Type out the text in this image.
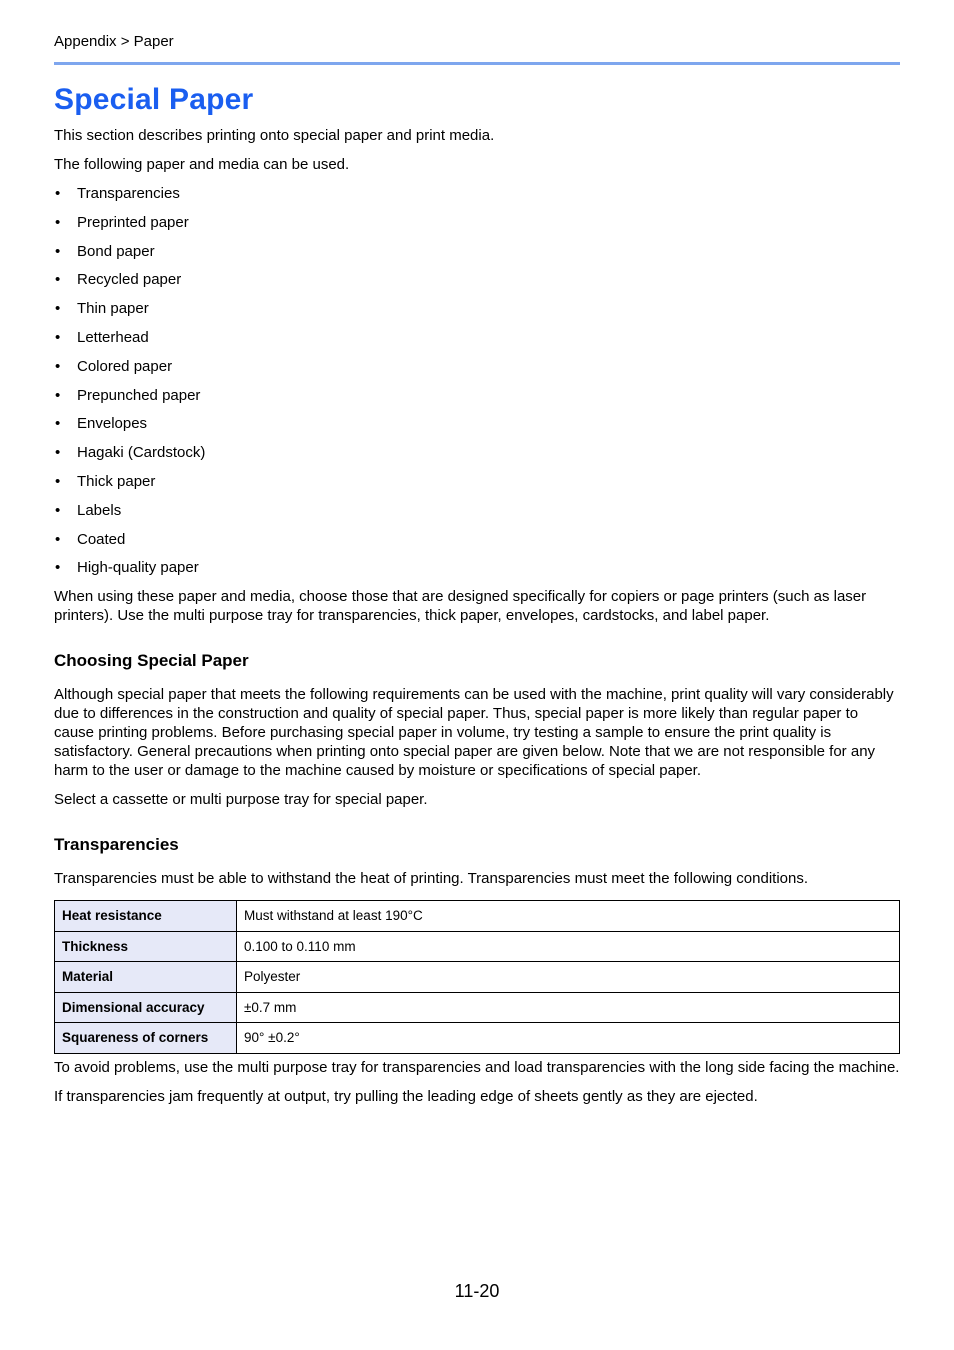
Appendix > Paper
Special Paper

This section describes printing onto special paper and print media.

The following paper and media can be used.

• Transparencies
• Preprinted paper
• Bond paper
• Recycled paper
• Thin paper
• Letterhead
• Colored paper
• Prepunched paper
• Envelopes
• Hagaki (Cardstock)
• Thick paper
• Labels
• Coated
• High-quality paper

When using these paper and media, choose those that are designed specifically for copiers or page printers (such as laser printers). Use the multi purpose tray for transparencies, thick paper, envelopes, cardstocks, and label paper.

Choosing Special Paper

Although special paper that meets the following requirements can be used with the machine, print quality will vary considerably due to differences in the construction and quality of special paper. Thus, special paper is more likely than regular paper to cause printing problems. Before purchasing special paper in volume, try testing a sample to ensure the print quality is satisfactory. General precautions when printing onto special paper are given below. Note that we are not responsible for any harm to the user or damage to the machine caused by moisture or specifications of special paper.

Select a cassette or multi purpose tray for special paper.

Transparencies

Transparencies must be able to withstand the heat of printing. Transparencies must meet the following conditions.

Heat resistance	Must withstand at least 190°C
Thickness	0.100 to 0.110 mm
Material	Polyester
Dimensional accuracy	±0.7 mm
Squareness of corners	90° ±0.2°

To avoid problems, use the multi purpose tray for transparencies and load transparencies with the long side facing the machine.

If transparencies jam frequently at output, try pulling the leading edge of sheets gently as they are ejected.

11-20
